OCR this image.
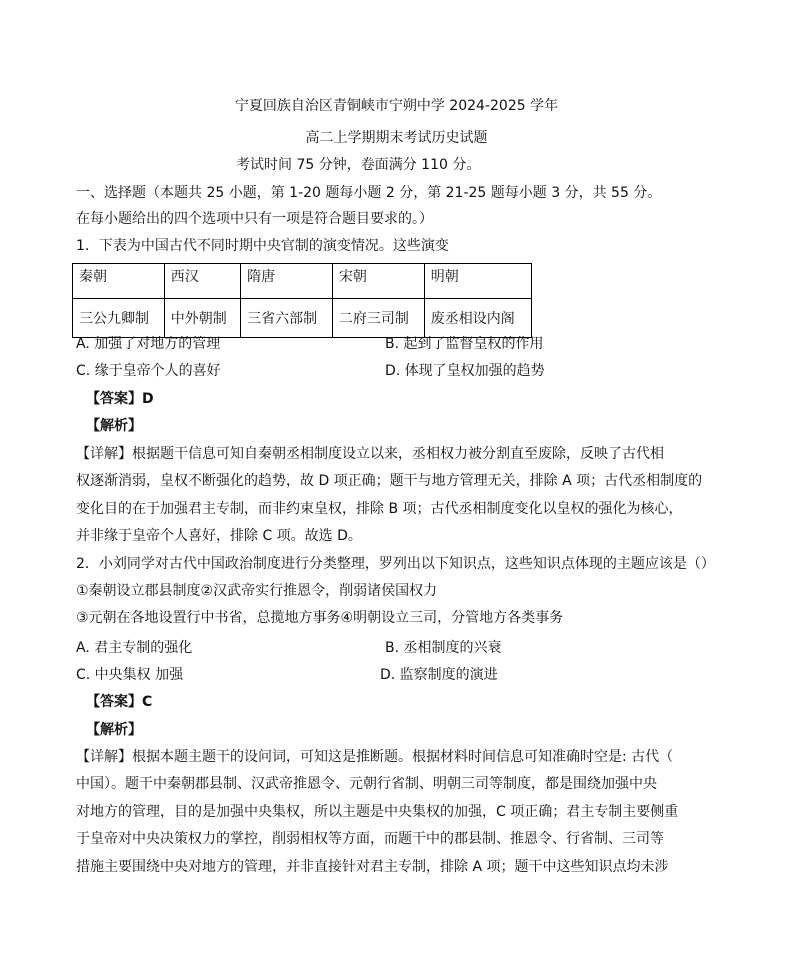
宁夏回族自治区青铜峡市宁朔中学 2024-2025 学年
高二上学期期末考试历史试题
考试时间 75 分钟，卷面满分 110 分。
一、选择题（本题共 25 小题，第 1-20 题每小题 2 分，第 21-25 题每小题 3 分，共 55 分。
在每小题给出的四个选项中只有一项是符合题目要求的。）
1．下表为中国古代不同时期中央官制的演变情况。这些演变
秦朝	西汉	隋唐	宋朝	明朝
三公九卿制	中外朝制	三省六部制	二府三司制	废丞相设内阁
A. 加强了对地方的管理	B. 起到了监督皇权的作用
C. 缘于皇帝个人的喜好	D. 体现了皇权加强的趋势
【答案】D
【解析】
【详解】根据题干信息可知自秦朝丞相制度设立以来，丞相权力被分割直至废除，反映了古代相
权逐渐消弱，皇权不断强化的趋势，故 D 项正确；题干与地方管理无关，排除 A 项；古代丞相制度的
变化目的在于加强君主专制，而非约束皇权，排除 B 项；古代丞相制度变化以皇权的强化为核心，
并非缘于皇帝个人喜好，排除 C 项。故选 D。
2．小刘同学对古代中国政治制度进行分类整理，罗列出以下知识点，这些知识点体现的主题应该是（）
①秦朝设立郡县制度②汉武帝实行推恩令，削弱诸侯国权力
③元朝在各地设置行中书省，总揽地方事务④明朝设立三司，分管地方各类事务
A. 君主专制的强化	B. 丞相制度的兴衰
C. 中央集权 加强	D. 监察制度的演进
【答案】C
【解析】
【详解】根据本题主题干的设问词，可知这是推断题。根据材料时间信息可知准确时空是: 古代（
中国）。题干中秦朝郡县制、汉武帝推恩令、元朝行省制、明朝三司等制度，都是围绕加强中央
对地方的管理，目的是加强中央集权，所以主题是中央集权的加强，C 项正确；君主专制主要侧重
于皇帝对中央决策权力的掌控，削弱相权等方面，而题干中的郡县制、推恩令、行省制、三司等
措施主要围绕中央对地方的管理，并非直接针对君主专制，排除 A 项；题干中这些知识点均未涉
